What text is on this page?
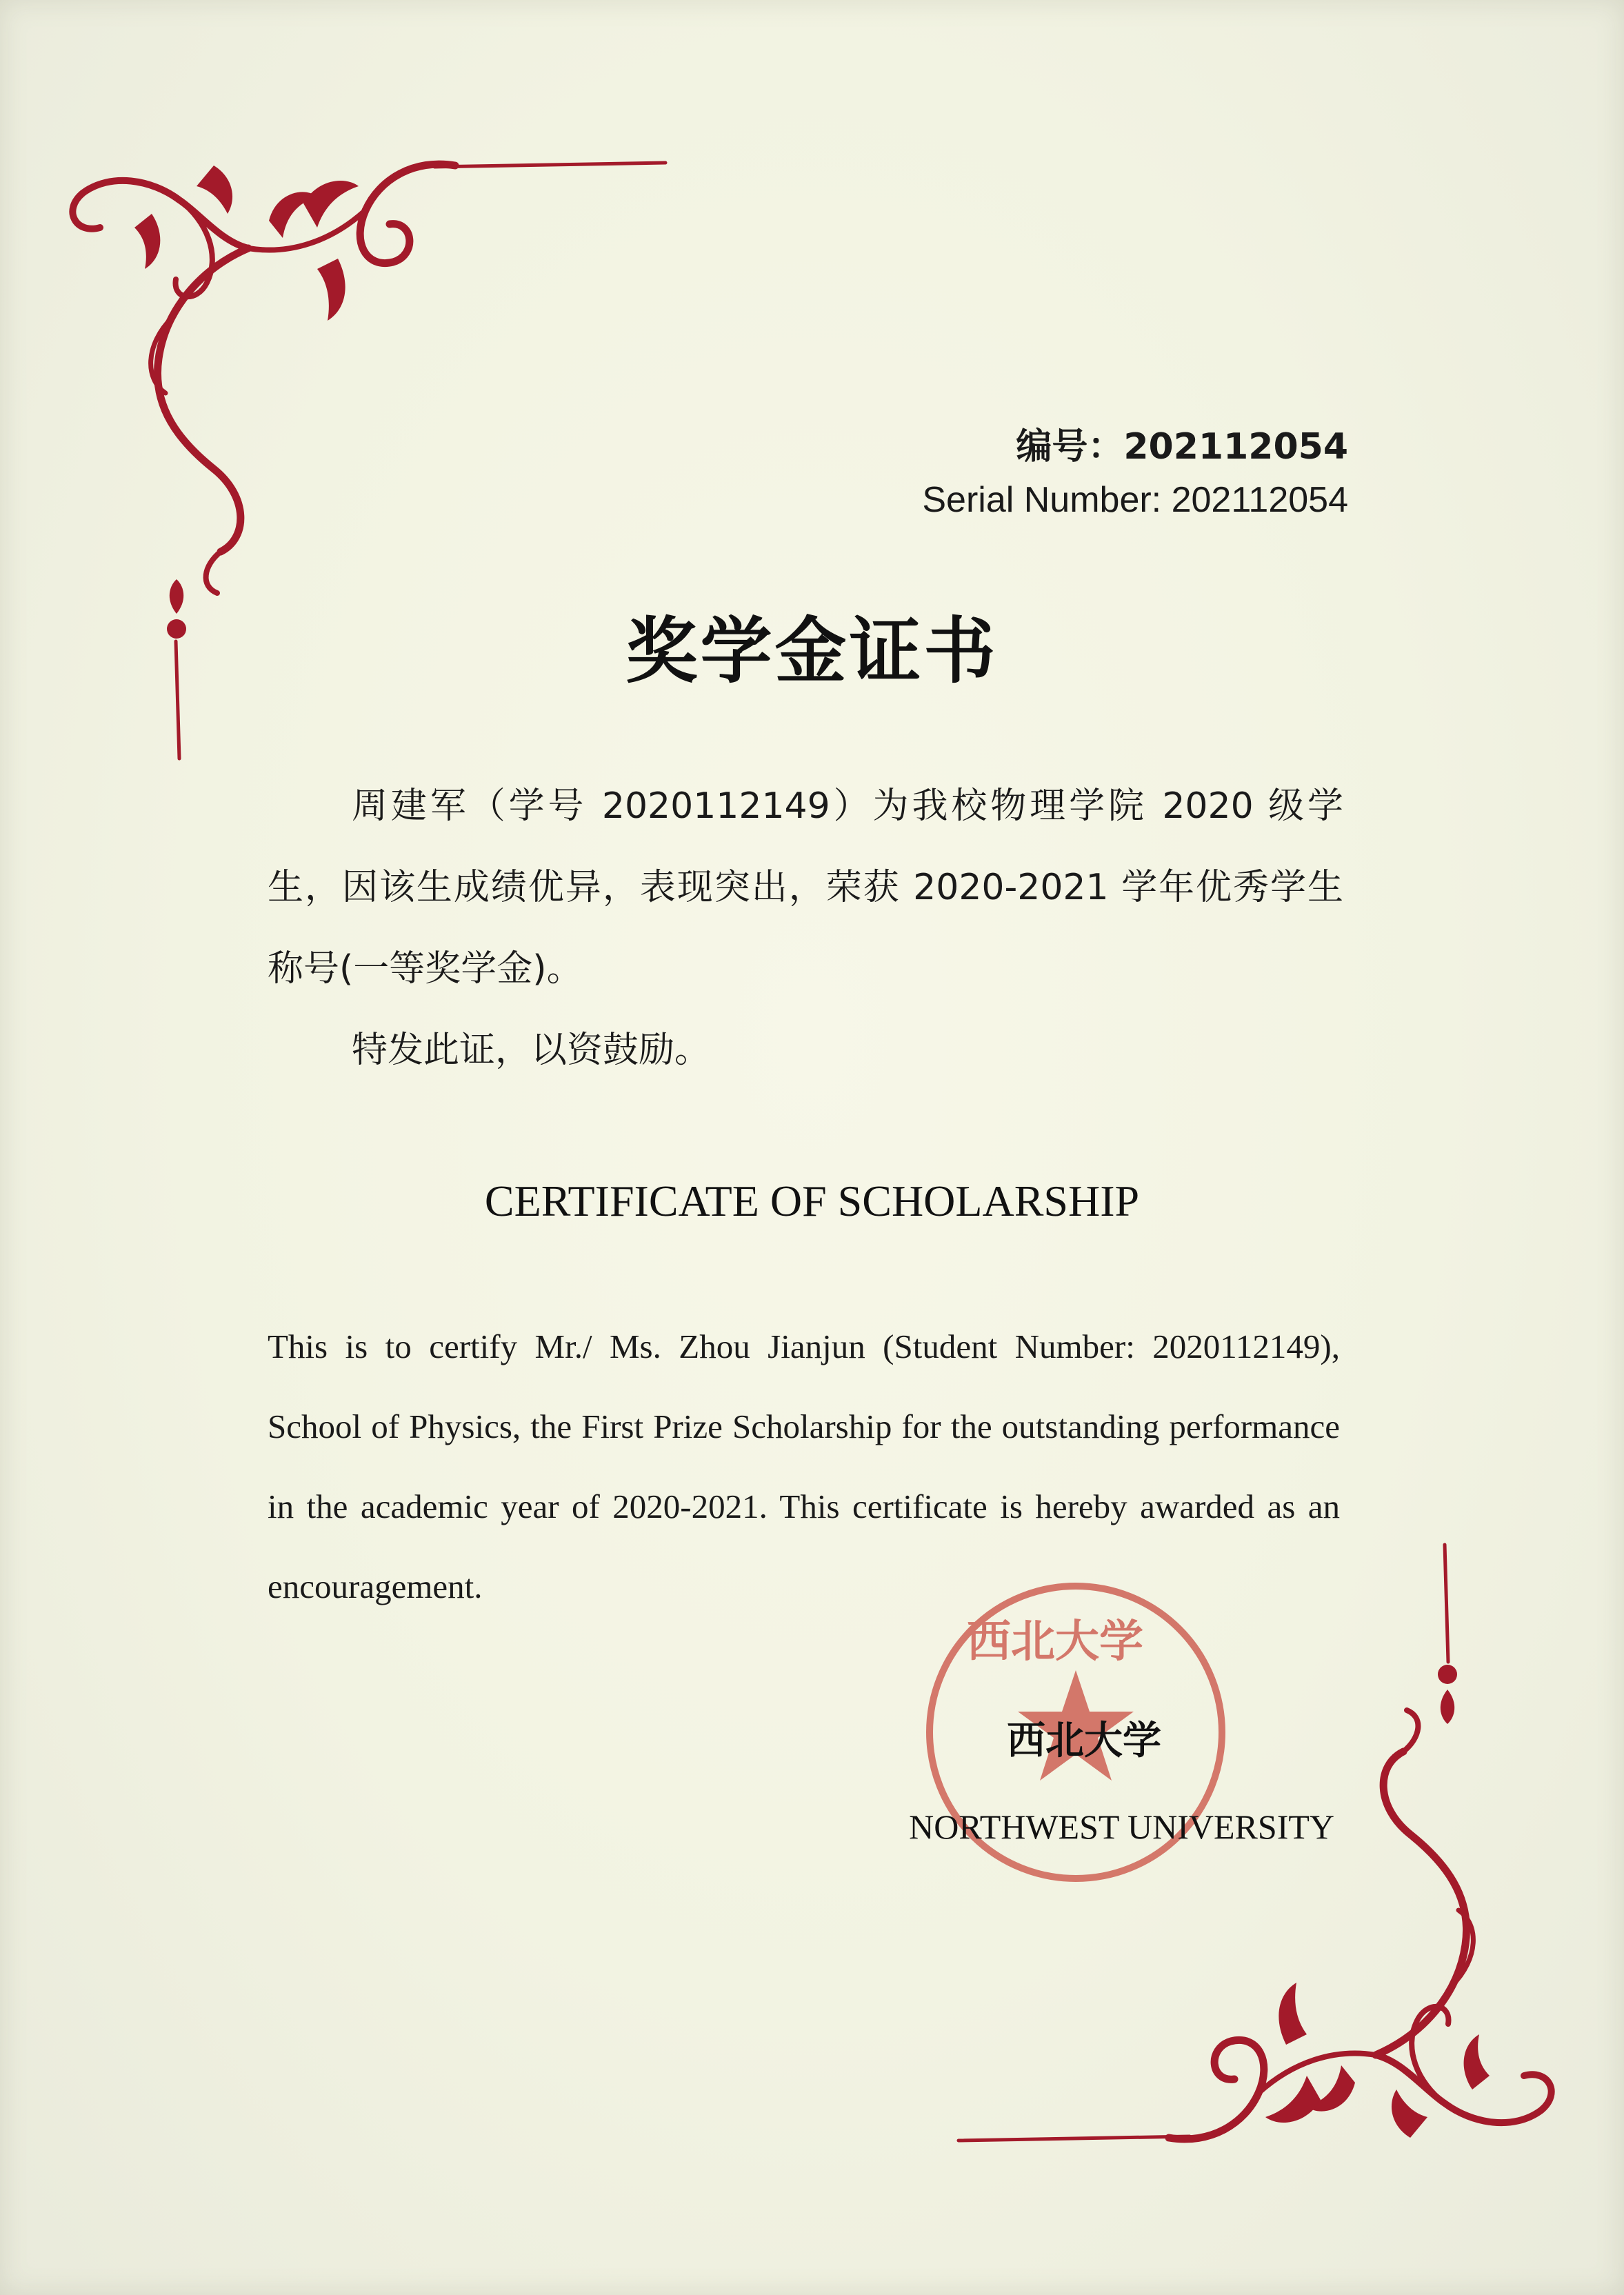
编号：202112054
Serial Number: 202112054
奖学金证书

周建军（学号 2020112149）为我校物理学院 2020 级学生，因该生成绩优异，表现突出，荣获 2020-2021 学年优秀学生称号(一等奖学金)。

特发此证，以资鼓励。

CERTIFICATE OF SCHOLARSHIP

This is to certify Mr./ Ms. Zhou Jianjun (Student Number: 2020112149), School of Physics, the First Prize Scholarship for the outstanding performance in the academic year of 2020-2021. This certificate is hereby awarded as an encouragement.

西北大学
西北大学
NORTHWEST UNIVERSITY
